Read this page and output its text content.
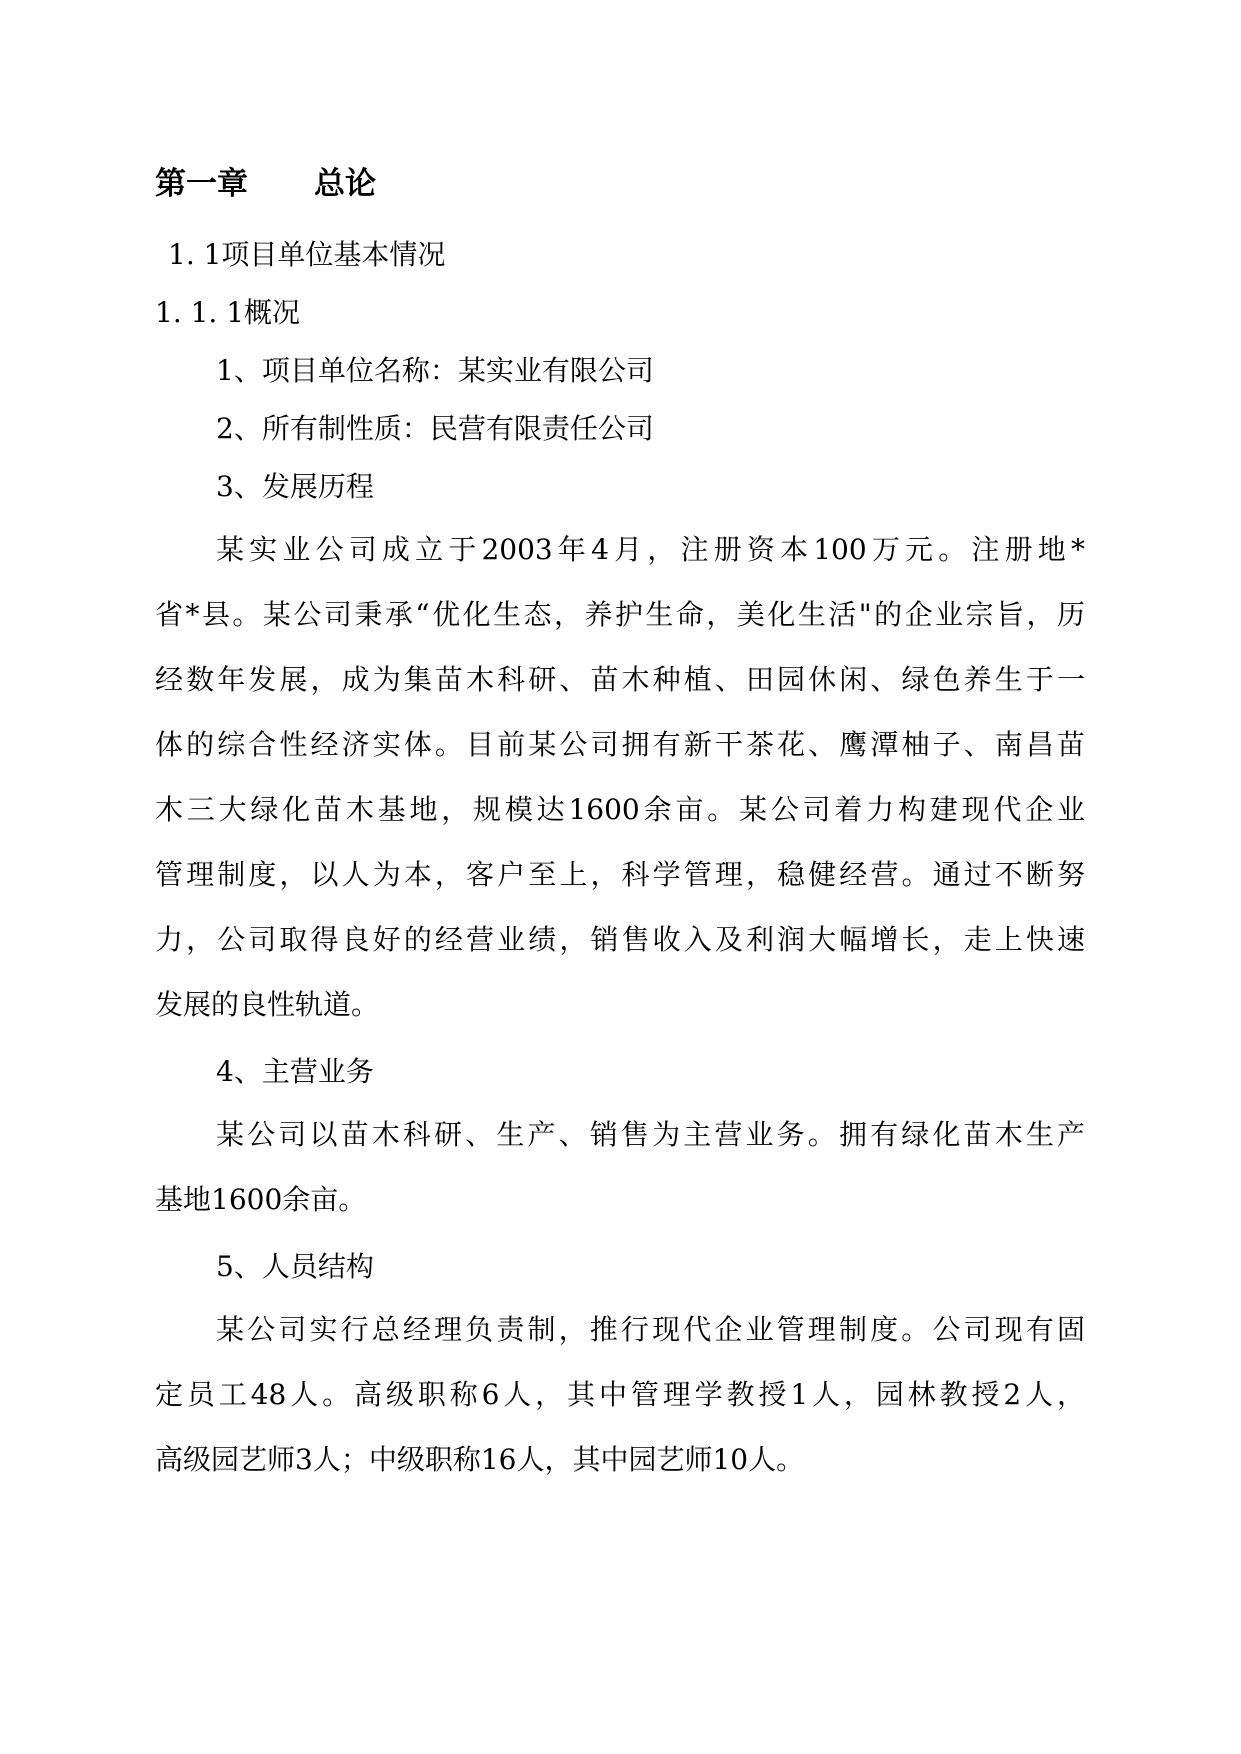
第一章 总论
1. 1项目单位基本情况
1. 1. 1概况
1、项目单位名称：某实业有限公司
2、所有制性质：民营有限责任公司
3、发展历程
某实业公司成立于2003年4月，注册资本100万元。注册地*
省*县。某公司秉承“优化生态，养护生命，美化生活"的企业宗旨，历
经数年发展，成为集苗木科研、苗木种植、田园休闲、绿色养生于一
体的综合性经济实体。目前某公司拥有新干茶花、鹰潭柚子、南昌苗
木三大绿化苗木基地，规模达1600余亩。某公司着力构建现代企业
管理制度，以人为本，客户至上，科学管理，稳健经营。通过不断努
力，公司取得良好的经营业绩，销售收入及利润大幅增长，走上快速
发展的良性轨道。
4、主营业务
某公司以苗木科研、生产、销售为主营业务。拥有绿化苗木生产
基地1600余亩。
5、人员结构
某公司实行总经理负责制，推行现代企业管理制度。公司现有固
定员工48人。高级职称6人，其中管理学教授1人，园林教授2人，
高级园艺师3人；中级职称16人，其中园艺师10人。
